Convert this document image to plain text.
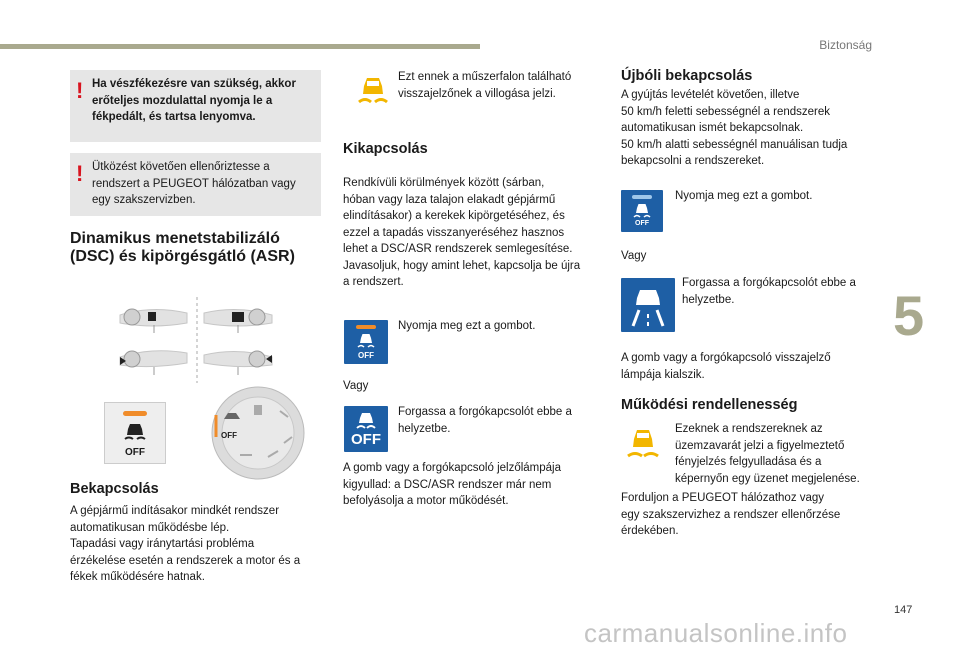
Biztonság
5
147
carmanualsonline.info
! Ha vészfékezésre van szükség, akkor
erőteljes mozdulattal nyomja le a
fékpedált, és tartsa lenyomva.
! Ütközést követően ellenőriztesse a
rendszert a PEUGEOT hálózatban vagy
egy szakszervizben.
Dinamikus menetstabilizáló
(DSC) és kipörgésgátló (ASR)
OFF
OFF
Bekapcsolás
A gépjármű indításakor mindkét rendszer
automatikusan működésbe lép.
Tapadási vagy iránytartási probléma
érzékelése esetén a rendszerek a motor és a
fékek működésére hatnak.
Ezt ennek a műszerfalon található
visszajelzőnek a villogása jelzi.
Kikapcsolás
Rendkívüli körülmények között (sárban,
hóban vagy laza talajon elakadt gépjármű
elindításakor) a kerekek kipörgetéséhez, és
ezzel a tapadás visszanyeréséhez hasznos
lehet a DSC/ASR rendszerek semlegesítése.
Javasoljuk, hogy amint lehet, kapcsolja be újra
a rendszert.
OFF
Nyomja meg ezt a gombot.
Vagy
OFF
Forgassa a forgókapcsolót ebbe a
helyzetbe.
A gomb vagy a forgókapcsoló jelzőlámpája
kigyullad: a DSC/ASR rendszer már nem
befolyásolja a motor működését.
Újbóli bekapcsolás
A gyújtás levételét követően, illetve
50 km/h feletti sebességnél a rendszerek
automatikusan ismét bekapcsolnak.
50 km/h alatti sebességnél manuálisan tudja
bekapcsolni a rendszereket.
OFF
Nyomja meg ezt a gombot.
Vagy
Forgassa a forgókapcsolót ebbe a
helyzetbe.
A gomb vagy a forgókapcsoló visszajelző
lámpája kialszik.
Működési rendellenesség
Ezeknek a rendszereknek az
üzemzavarát jelzi a figyelmeztető
fényjelzés felgyulladása és a
képernyőn egy üzenet megjelenése.
Forduljon a PEUGEOT hálózathoz vagy
egy szakszervizhez a rendszer ellenőrzése
érdekében.
